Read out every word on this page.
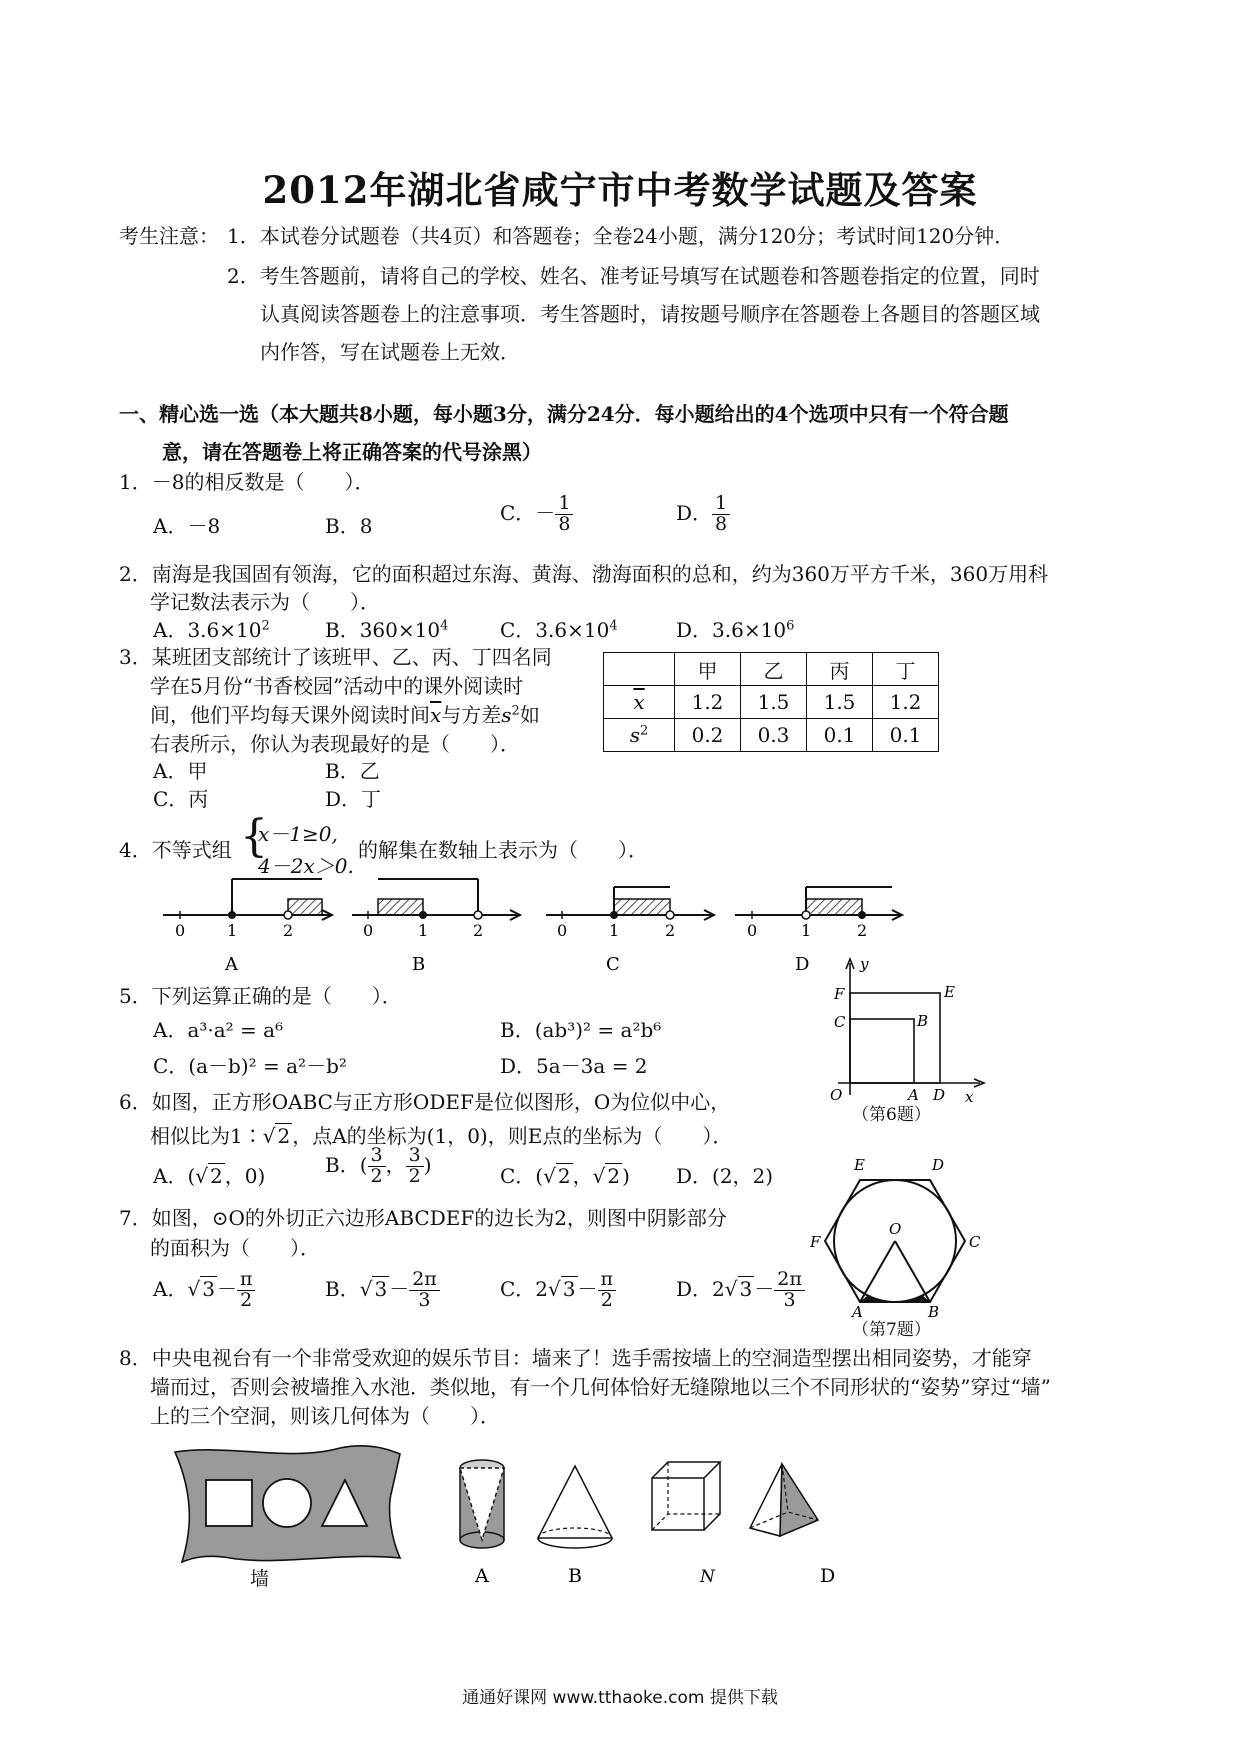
2012年湖北省咸宁市中考数学试题及答案
考生注意： 1．本试卷分试题卷（共4页）和答题卷；全卷24小题，满分120分；考试时间120分钟．
2．考生答题前，请将自己的学校、姓名、准考证号填写在试题卷和答题卷指定的位置，同时
认真阅读答题卷上的注意事项．考生答题时，请按题号顺序在答题卷上各题目的答题区域
内作答，写在试题卷上无效．
一、精心选一选（本大题共8小题，每小题3分，满分24分．每小题给出的4个选项中只有一个符合题
意，请在答题卷上将正确答案的代号涂黑）
1．－8的相反数是（　　）．
A．－8	B．8
C．－ $\frac{1}{8}$	D． $\frac{1}{8}$
2．南海是我国固有领海，它的面积超过东海、黄海、渤海面积的总和，约为360万平方千米，360万用科
学记数法表示为（　　）．
A．$3.6\times 10^2$	B．$360\times 10^4$	C．$3.6\times 10^4$	D．$3.6\times 10^6$
3．某班团支部统计了该班甲、乙、丙、丁四名同
学在5月份“书香校园”活动中的课外阅读时
间，他们平均每天课外阅读时间$\overline{x}$与方差$s^2$如
右表所示，你认为表现最好的是（　　）．
A．甲	B．乙
C．丙	D．丁
	甲	乙	丙	丁
$\overline{x}$	1.2	1.5	1.5	1.2
$s^2$	0.2	0.3	0.1	0.1
4．不等式组 {
x－1≥0,
4－2x＞0.
的解集在数轴上表示为（　　）．
0	1	2	0	1	2	0	1	2	0	1	2
A	B	C	D
5．下列运算正确的是（　　）．
A．a³·a² = a⁶	B．(ab³)² = a²b⁶
C．(a－b)² = a²－b²	D．5a－3a = 2
y
x
O	A D
B
C
E
F
（第6题）
6．如图，正方形OABC与正方形ODEF是位似图形，O为位似中心，
相似比为1∶√ 2 ，点A的坐标为(1，0)，则E点的坐标为（　　）．
A．(√ 2 ，0)	B．( $\frac{3}{2}$ ， $\frac{3}{2}$ )	C．(√ 2 ，√ 2 ) D．(2，2)	E	D
F	C
O
A	B
（第7题）
7．如图，⊙O的外切正六边形ABCDEF的边长为2，则图中阴影部分
的面积为（　　）．
A．√ $3 - \frac{\pi}{2}$	B．√ $3 - \frac{2\pi}{3}$	C．2√ $3 - \frac{\pi}{2}$	D．2√ $3 - \frac{2\pi}{3}$
8．中央电视台有一个非常受欢迎的娱乐节目：墙来了！选手需按墙上的空洞造型摆出相同姿势，才能穿
墙而过，否则会被墙推入水池．类似地，有一个几何体恰好无缝隙地以三个不同形状的“姿势”穿过“墙”
上的三个空洞，则该几何体为（　　）．
墙	A	B	N	D
通通好课网 www.tthaoke.com 提供下载
